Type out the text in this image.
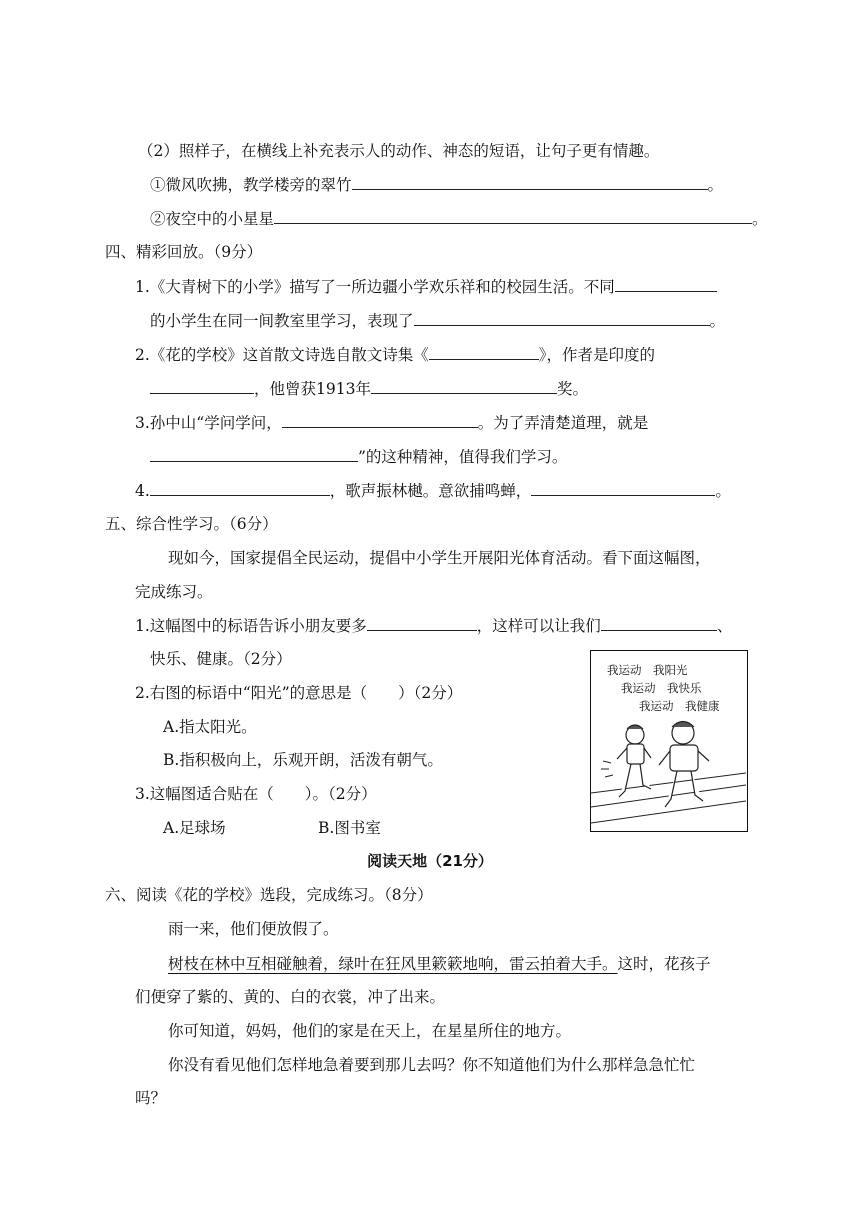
（2）照样子，在横线上补充表示人的动作、神态的短语，让句子更有情趣。
①微风吹拂，教学楼旁的翠竹	。
②夜空中的小星星	。
四、精彩回放。（9分）
1.《大青树下的小学》描写了一所边疆小学欢乐祥和的校园生活。不同
的小学生在同一间教室里学习，表现了	。
2.《花的学校》这首散文诗选自散文诗集《	》，作者是印度的
，他曾获1913年	奖。
3.孙中山“学问学问，	。为了弄清楚道理，就是
”的这种精神，值得我们学习。
4.	，歌声振林樾。意欲捕鸣蝉，	。
五、综合性学习。（6分）
现如今，国家提倡全民运动，提倡中小学生开展阳光体育活动。看下面这幅图，
完成练习。
1.这幅图中的标语告诉小朋友要多	，这样可以让我们	、
快乐、健康。（2分）
2.右图的标语中“阳光”的意思是（　　）（2分）
A.指太阳光。
B.指积极向上，乐观开朗，活泼有朝气。
3.这幅图适合贴在（　　）。（2分）
A.足球场	B.图书室
我运动　我阳光
我运动　我快乐
我运动　我健康
阅读天地（21分）
六、阅读《花的学校》选段，完成练习。（8分）
雨一来，他们便放假了。
树枝在林中互相碰触着，绿叶在狂风里簌簌地响，雷云拍着大手。这时，花孩子
们便穿了紫的、黄的、白的衣裳，冲了出来。
你可知道，妈妈，他们的家是在天上，在星星所住的地方。
你没有看见他们怎样地急着要到那儿去吗？你不知道他们为什么那样急急忙忙
吗？
